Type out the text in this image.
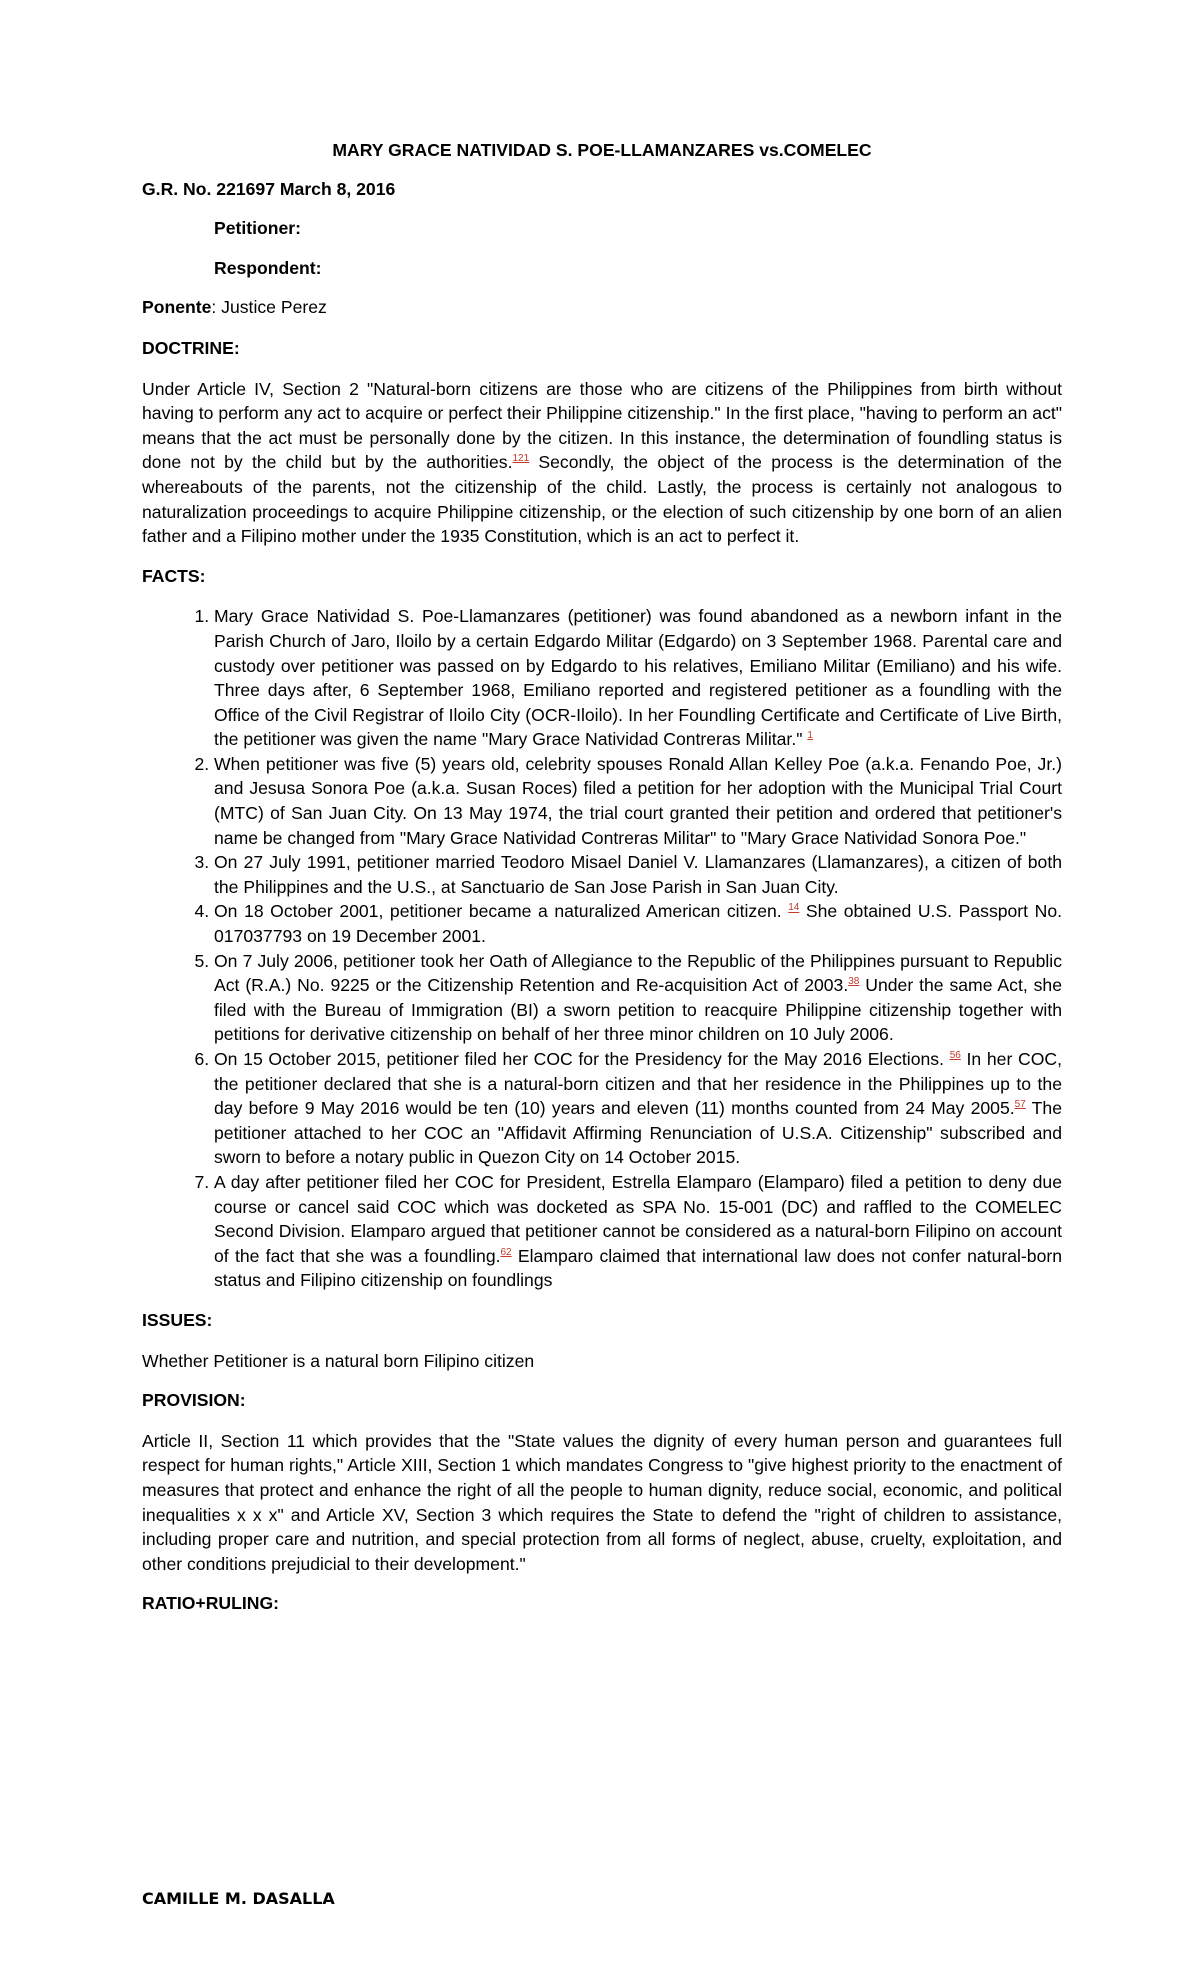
MARY GRACE NATIVIDAD S. POE-LLAMANZARES vs.COMELEC

G.R. No. 221697 March 8, 2016

Petitioner:

Respondent:

Ponente: Justice Perez

DOCTRINE:

Under Article IV, Section 2 "Natural-born citizens are those who are citizens of the Philippines from birth without having to perform any act to acquire or perfect their Philippine citizenship." In the first place, "having to perform an act" means that the act must be personally done by the citizen. In this instance, the determination of foundling status is done not by the child but by the authorities.$^{121}$ Secondly, the object of the process is the determination of the whereabouts of the parents, not the citizenship of the child. Lastly, the process is certainly not analogous to naturalization proceedings to acquire Philippine citizenship, or the election of such citizenship by one born of an alien father and a Filipino mother under the 1935 Constitution, which is an act to perfect it.

FACTS:

1. Mary Grace Natividad S. Poe-Llamanzares (petitioner) was found abandoned as a newborn infant in the Parish Church of Jaro, Iloilo by a certain Edgardo Militar (Edgardo) on 3 September 1968. Parental care and custody over petitioner was passed on by Edgardo to his relatives, Emiliano Militar (Emiliano) and his wife. Three days after, 6 September 1968, Emiliano reported and registered petitioner as a foundling with the Office of the Civil Registrar of Iloilo City (OCR-Iloilo). In her Foundling Certificate and Certificate of Live Birth, the petitioner was given the name "Mary Grace Natividad Contreras Militar." $^1$
2. When petitioner was five (5) years old, celebrity spouses Ronald Allan Kelley Poe (a.k.a. Fenando Poe, Jr.) and Jesusa Sonora Poe (a.k.a. Susan Roces) filed a petition for her adoption with the Municipal Trial Court (MTC) of San Juan City. On 13 May 1974, the trial court granted their petition and ordered that petitioner's name be changed from "Mary Grace Natividad Contreras Militar" to "Mary Grace Natividad Sonora Poe."
3. On 27 July 1991, petitioner married Teodoro Misael Daniel V. Llamanzares (Llamanzares), a citizen of both the Philippines and the U.S., at Sanctuario de San Jose Parish in San Juan City.
4. On 18 October 2001, petitioner became a naturalized American citizen. $^{14}$ She obtained U.S. Passport No. 017037793 on 19 December 2001.
5. On 7 July 2006, petitioner took her Oath of Allegiance to the Republic of the Philippines pursuant to Republic Act (R.A.) No. 9225 or the Citizenship Retention and Re-acquisition Act of 2003.38 Under the same Act, she filed with the Bureau of Immigration (BI) a sworn petition to reacquire Philippine citizenship together with petitions for derivative citizenship on behalf of her three minor children on 10 July 2006.
6. On 15 October 2015, petitioner filed her COC for the Presidency for the May 2016 Elections. $^{56}$ In her COC, the petitioner declared that she is a natural-born citizen and that her residence in the Philippines up to the day before 9 May 2016 would be ten (10) years and eleven (11) months counted from 24 May 2005.57 The petitioner attached to her COC an "Affidavit Affirming Renunciation of U.S.A. Citizenship" subscribed and sworn to before a notary public in Quezon City on 14 October 2015.
7. A day after petitioner filed her COC for President, Estrella Elamparo (Elamparo) filed a petition to deny due course or cancel said COC which was docketed as SPA No. 15-001 (DC) and raffled to the COMELEC Second Division. Elamparo argued that petitioner cannot be considered as a natural-born Filipino on account of the fact that she was a foundling.$^{62}$ Elamparo claimed that international law does not confer natural-born status and Filipino citizenship on foundlings

ISSUES:

Whether Petitioner is a natural born Filipino citizen

PROVISION:

Article II, Section 11 which provides that the "State values the dignity of every human person and guarantees full respect for human rights," Article XIII, Section 1 which mandates Congress to "give highest priority to the enactment of measures that protect and enhance the right of all the people to human dignity, reduce social, economic, and political inequalities x x x" and Article XV, Section 3 which requires the State to defend the "right of children to assistance, including proper care and nutrition, and special protection from all forms of neglect, abuse, cruelty, exploitation, and other conditions prejudicial to their development."

RATIO+RULING:

CAMILLE M. DASALLA
